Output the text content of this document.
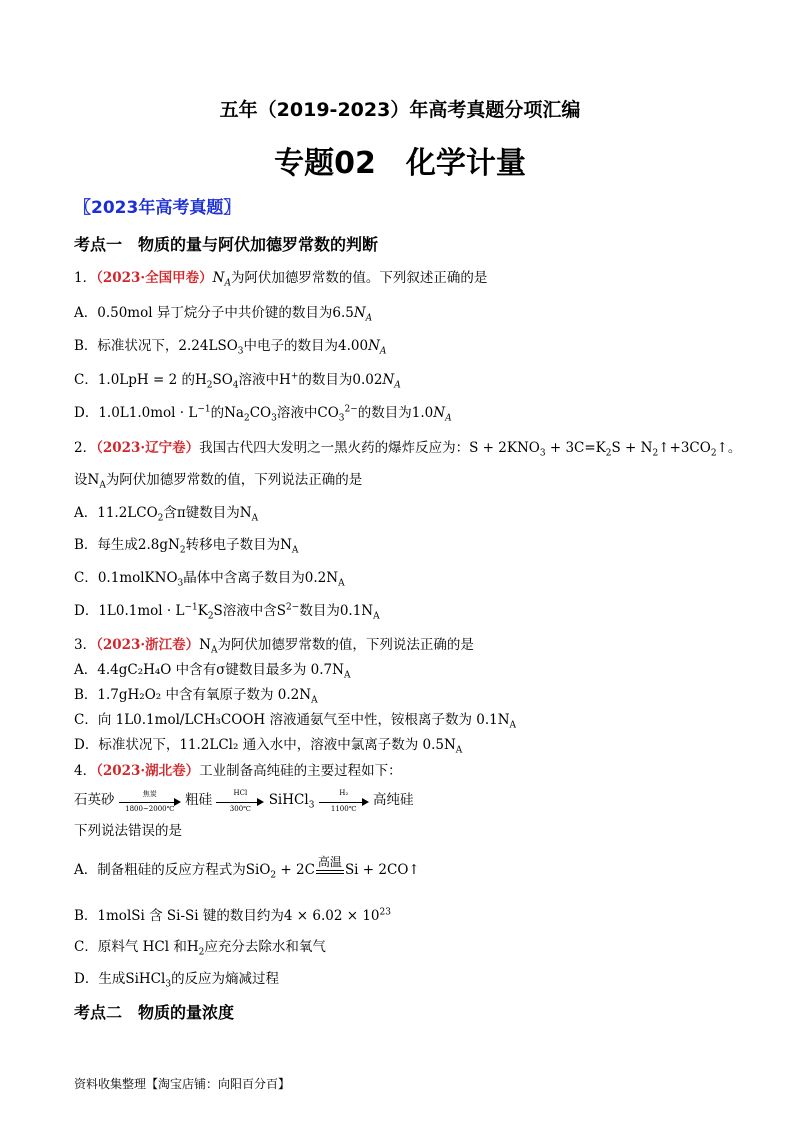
五年（2019-2023）年高考真题分项汇编
专题02　化学计量
〖2023年高考真题〗
考点一　物质的量与阿伏加德罗常数的判断
1．（2023·全国甲卷）$N_A$为阿伏加德罗常数的值。下列叙述正确的是
A．0.50mol 异丁烷分子中共价键的数目为$6.5N_A$
B．标准状况下，$2.24LSO_3$中电子的数目为$4.00N_A$
C．1.0LpH = 2 的$H_2SO_4$溶液中H+的数目为$0.02N_A$
D．$1.0L1.0mol \cdot L^{-1}$的$Na_2CO_3$溶液中$CO_3^{2-}$的数目为$1.0N_A$
2．（2023·辽宁卷）我国古代四大发明之一黑火药的爆炸反应为：$S + 2KNO_3 + 3C=K_2S$ + $N_2↑+3CO_2↑$。
设$N_A$为阿伏加德罗常数的值，下列说法正确的是
A．$11.2LCO_2$含π键数目为$N_A$
B．每生成$2.8gN_2$转移电子数目为$N_A$
C．0.1molKNO$_3$晶体中含离子数目为$0.2N_A$
D．$1L0.1mol \cdot L^{-1}K_2S$溶液中含$S^{2-}$数目为$0.1N_A$
3．（2023·浙江卷）$N_A$为阿伏加德罗常数的值，下列说法正确的是
A．4.4gC₂H₄O 中含有σ键数目最多为 $0.7N_A$
B．1.7gH₂O₂ 中含有氧原子数为 $0.2N_A$
C．向 1L0.1mol/LCH₃COOH 溶液通氨气至中性，铵根离子数为 $0.1N_A$
D．标准状况下，11.2LCl₂ 通入水中，溶液中氯离子数为 $0.5N_A$
4．（2023·湖北卷）工业制备高纯硅的主要过程如下：
石英砂	焦炭
1800~2000℃
粗硅	HCl
300℃
SiHCl$_3$ $\frac{\text{H₂}}{1100℃}$ 高纯硅
下列说法错误的是
A．制备粗硅的反应方程式为SiO$_2$ + 2C
高温
Si + 2CO↑
B．1molSi 含 Si-Si 键的数目约为$4 \times 6.02 \times 10^{23}$
C．原料气 HCl 和$H_2$应充分去除水和氧气
D．生成SiHCl$_3$的反应为熵减过程
考点二　物质的量浓度
资料收集整理【淘宝店铺：向阳百分百】
